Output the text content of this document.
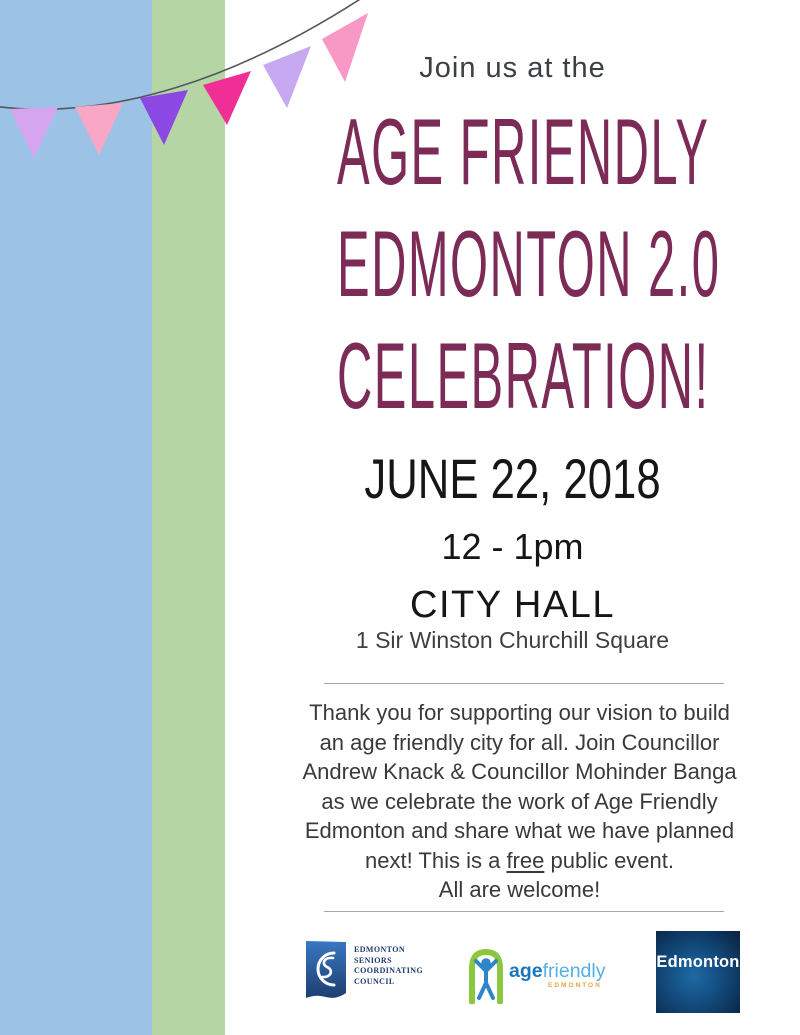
Join us at the
AGE FRIENDLY
EDMONTON 2.0
CELEBRATION!
JUNE 22, 2018
12 - 1pm
CITY HALL
1 Sir Winston Churchill Square
Thank you for supporting our vision to build
an age friendly city for all. Join Councillor
Andrew Knack & Councillor Mohinder Banga
as we celebrate the work of Age Friendly
Edmonton and share what we have planned
next! This is a free public event.
All are welcome!
EDMONTON
SENIORS
COORDINATING
COUNCIL	agefriendly
EDMONTON
Edmonton
